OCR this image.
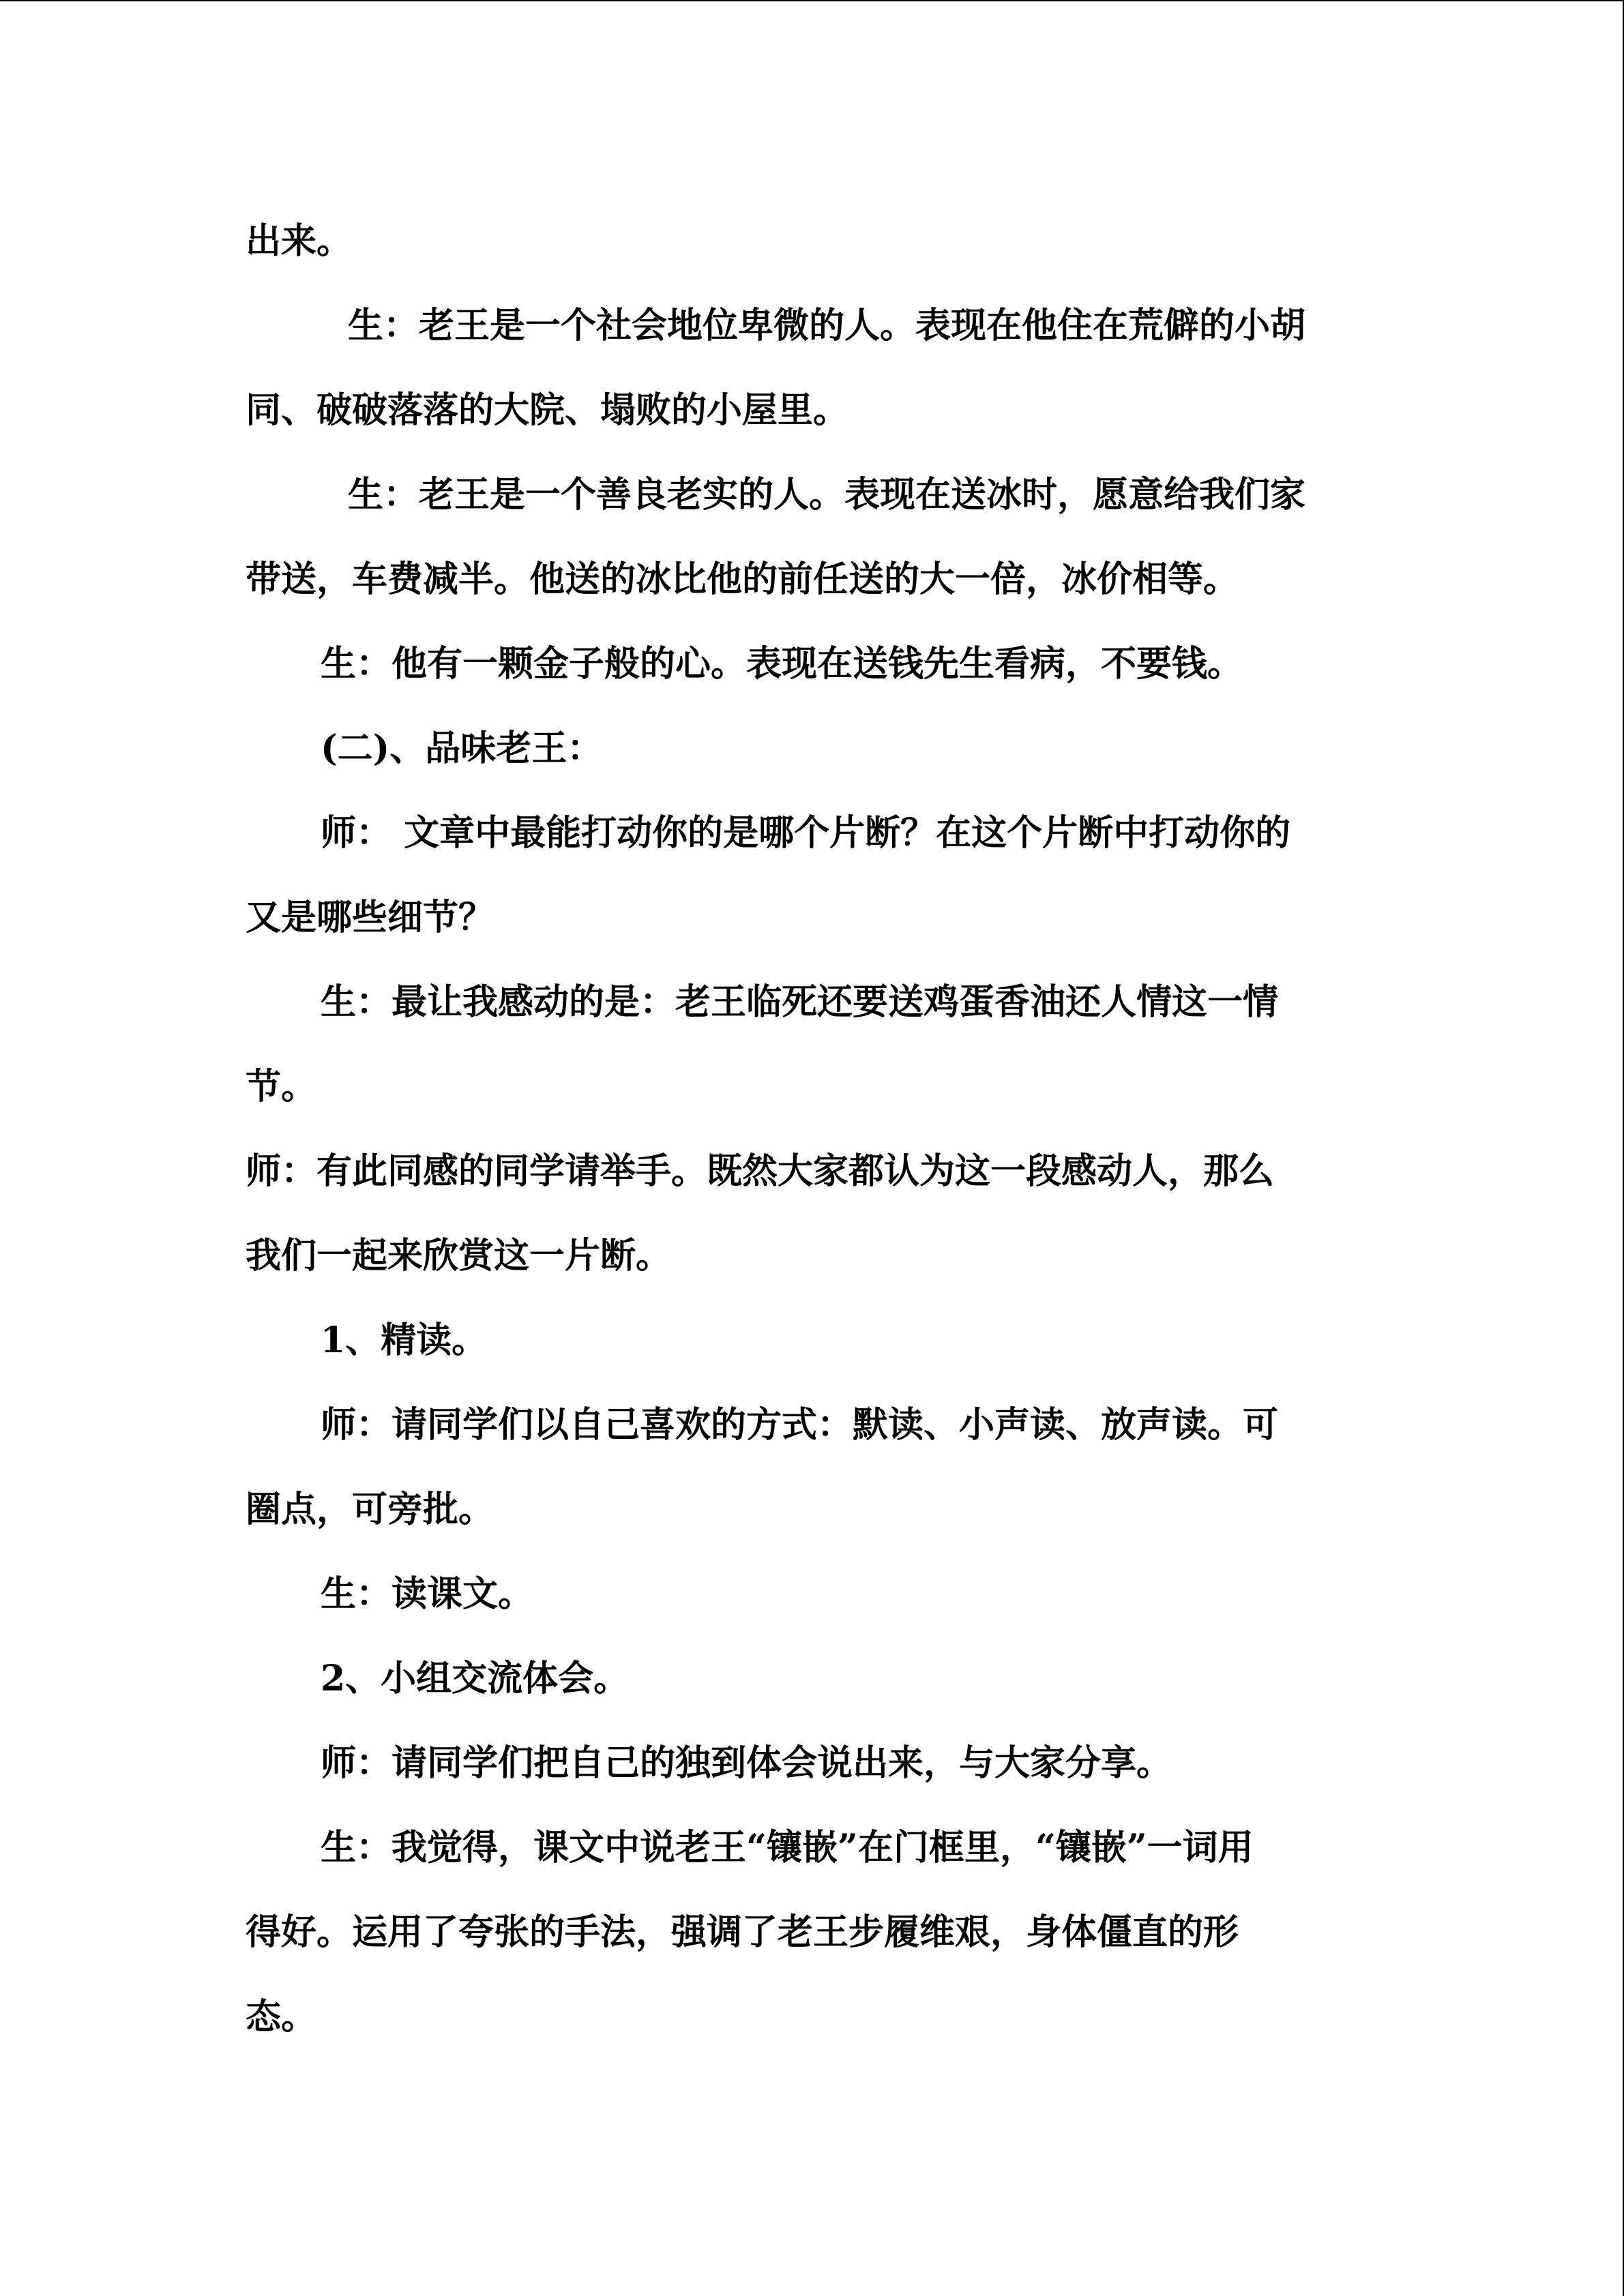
出来。

生：老王是一个社会地位卑微的人。表现在他住在荒僻的小胡

同、破破落落的大院、塌败的小屋里。

生：老王是一个善良老实的人。表现在送冰时，愿意给我们家

带送，车费减半。他送的冰比他的前任送的大一倍，冰价相等。

生：他有一颗金子般的心。表现在送钱先生看病，不要钱。

(二)、品味老王：

师： 文章中最能打动你的是哪个片断？在这个片断中打动你的

又是哪些细节？

生：最让我感动的是：老王临死还要送鸡蛋香油还人情这一情

节。

师：有此同感的同学请举手。既然大家都认为这一段感动人，那么

我们一起来欣赏这一片断。

1、精读。

师：请同学们以自己喜欢的方式：默读、小声读、放声读。可

圈点，可旁批。

生：读课文。

2、小组交流体会。

师：请同学们把自己的独到体会说出来，与大家分享。

生：我觉得，课文中说老王“镶嵌”在门框里，“镶嵌”一词用

得好。运用了夸张的手法，强调了老王步履维艰，身体僵直的形

态。
